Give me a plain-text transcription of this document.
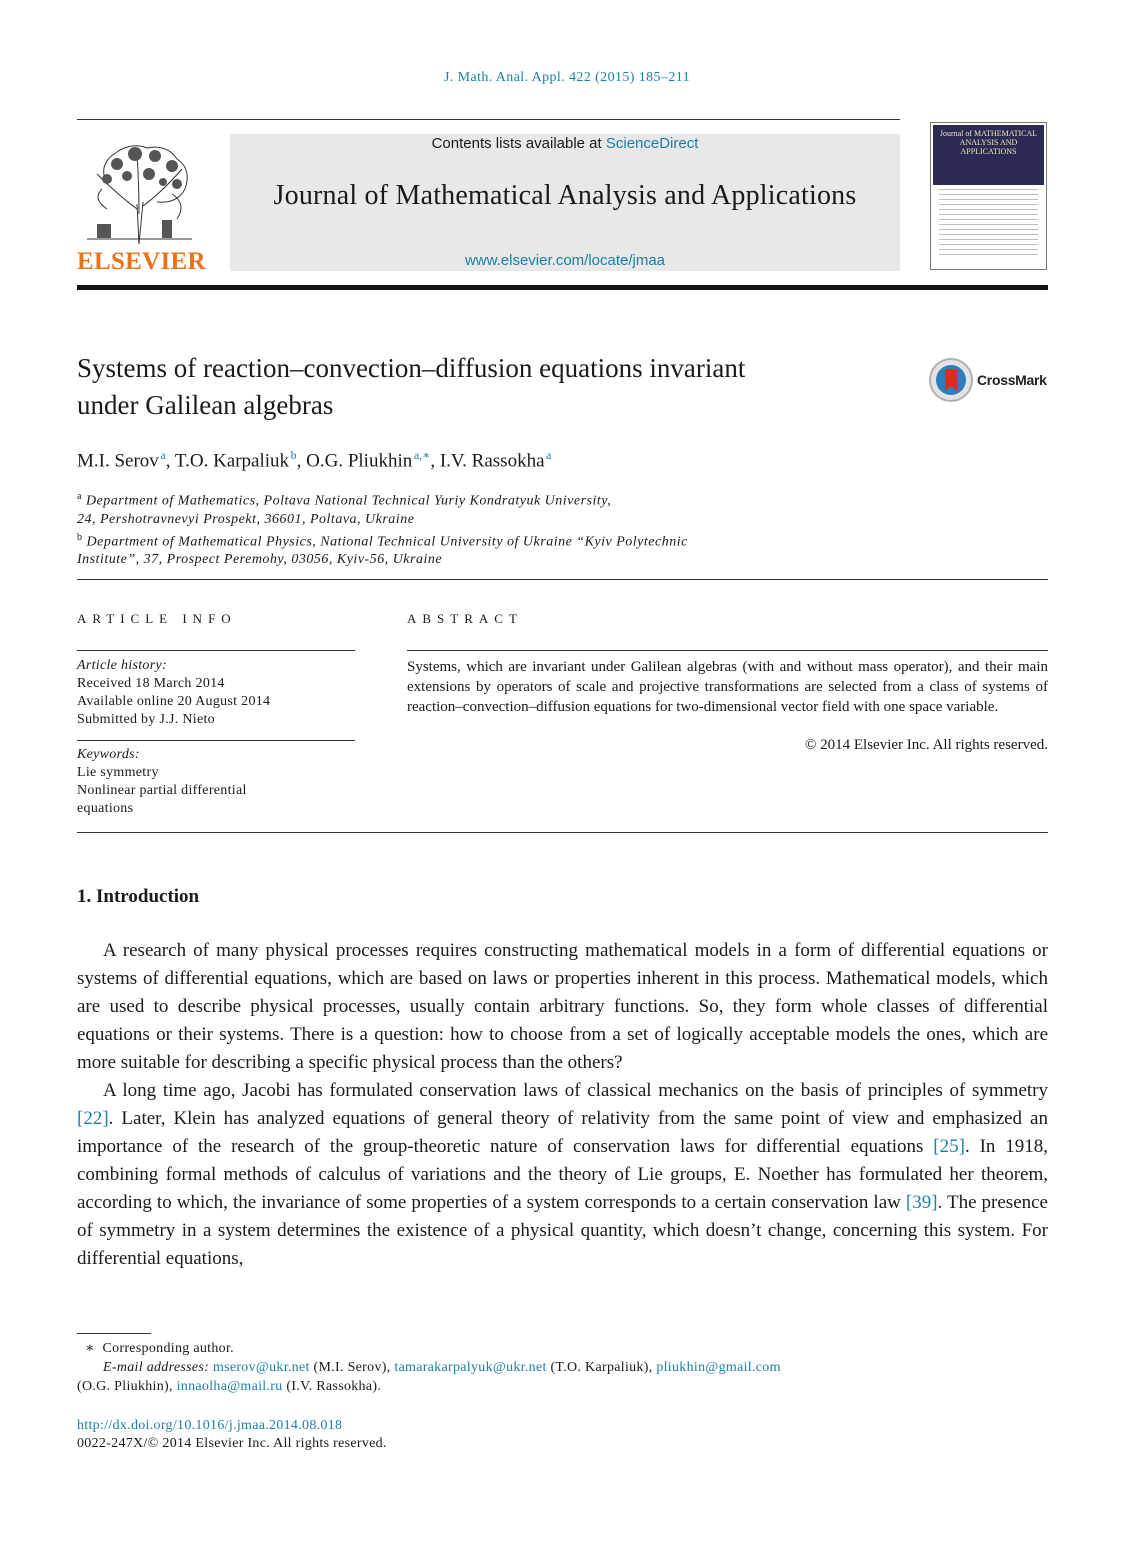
J. Math. Anal. Appl. 422 (2015) 185–211
ELSEVIER
Contents lists available at ScienceDirect
Journal of Mathematical Analysis and Applications
www.elsevier.com/locate/jmaa
Journal of MATHEMATICAL ANALYSIS AND APPLICATIONS
Systems of reaction–convection–diffusion equations invariant
under Galilean algebras
CrossMark
M.I. Serov  $^a$, T.O. Karpaliuk  $^b$, O.G. Pliukhin  $^{a,∗}$, I.V. Rassokha  $^a$
$^a$ Department of Mathematics, Poltava National Technical Yuriy Kondratyuk University,
24, Pershotravnevyi Prospekt, 36601, Poltava, Ukraine
$^b$ Department of Mathematical Physics, National Technical University of Ukraine “Kyiv Polytechnic
Institute”, 37, Prospect Peremohy, 03056, Kyiv-56, Ukraine
ARTICLE INFO	ABSTRACT
Article history:
Received 18 March 2014
Available online 20 August 2014
Submitted by J.J. Nieto
Keywords:
Lie symmetry
Nonlinear partial differential
equations
Systems, which are invariant under Galilean algebras (with and without mass operator), and their main extensions by operators of scale and projective transformations are selected from a class of systems of reaction–convection–diffusion equations for two-dimensional vector field with one space variable.
© 2014 Elsevier Inc. All rights reserved.
1. Introduction

A research of many physical processes requires constructing mathematical models in a form of differential equations or systems of differential equations, which are based on laws or properties inherent in this process. Mathematical models, which are used to describe physical processes, usually contain arbitrary functions. So, they form whole classes of differential equations or their systems. There is a question: how to choose from a set of logically acceptable models the ones, which are more suitable for describing a specific physical process than the others?

A long time ago, Jacobi has formulated conservation laws of classical mechanics on the basis of principles of symmetry [22]. Later, Klein has analyzed equations of general theory of relativity from the same point of view and emphasized an importance of the research of the group-theoretic nature of conservation laws for differential equations [25]. In 1918, combining formal methods of calculus of variations and the theory of Lie groups, E. Noether has formulated her theorem, according to which, the invariance of some properties of a system corresponds to a certain conservation law [39]. The presence of symmetry in a system determines the existence of a physical quantity, which doesn’t change, concerning this system. For differential equations,

∗ Corresponding author.
E-mail addresses: mserov@ukr.net (M.I. Serov), tamarakarpalyuk@ukr.net (T.O. Karpaliuk), pliukhin@gmail.com
(O.G. Pliukhin), innaolha@mail.ru (I.V. Rassokha).
http://dx.doi.org/10.1016/j.jmaa.2014.08.018
0022-247X/© 2014 Elsevier Inc. All rights reserved.
